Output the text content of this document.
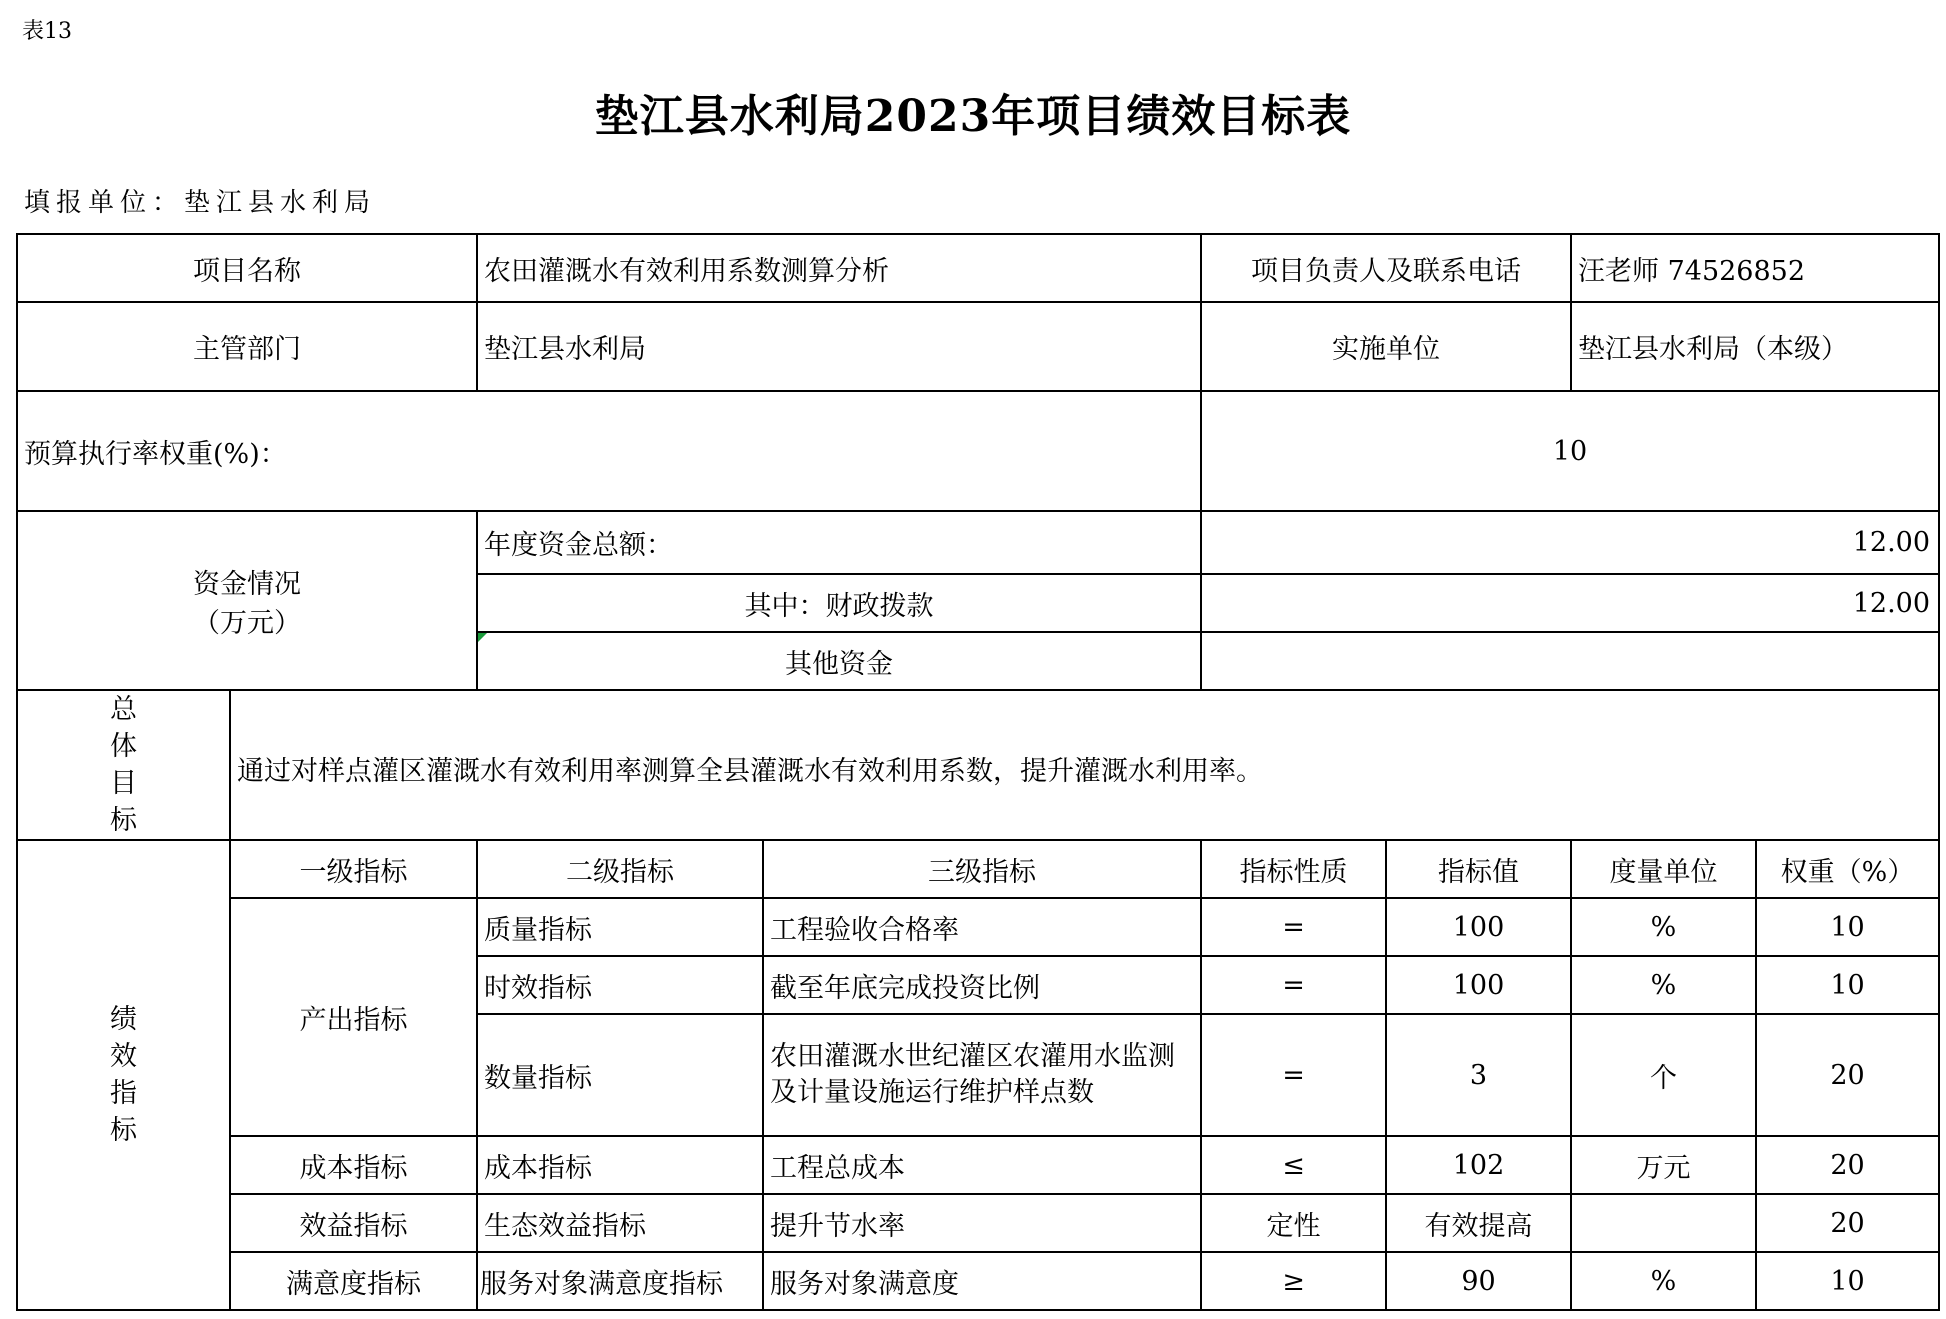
表13
垫江县水利局2023年项目绩效目标表
填报单位：垫江县水利局
项目名称		农田灌溉水有效利用系数测算分析		项目负责人及联系电话		汪老师 74526852	
主管部门		垫江县水利局		实施单位		垫江县水利局（本级）	
预算执行率权重(%)：				10			

资金情况
（万元）		年度资金总额：		12.00			
		其中：财政拨款		12.00			

其他资金					

总
体
目
标	通过对样点灌区灌溉水有效利用率测算全县灌溉水有效利用系数，提升灌溉水利用率。						

绩
效
指
标	一级指标	二级指标	三级指标	指标性质	指标值	度量单位	权重（%）
	产出指标	质量指标	工程验收合格率	=	100	%	10
		时效指标	截至年底完成投资比例	=	100	%	10
		数量指标	农田灌溉水世纪灌区农灌用水监测及计量设施运行维护样点数	=	3	个	20
	成本指标	成本指标	工程总成本	≤	102	万元	20
	效益指标	生态效益指标	提升节水率	定性	有效提高		20
	满意度指标	服务对象满意度指标	服务对象满意度	≥	90	%	10
